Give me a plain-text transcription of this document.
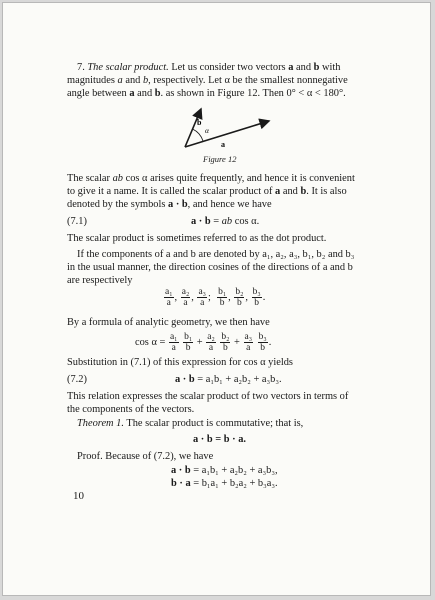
7. The scalar product. Let us consider two vectors a and b with
magnitudes a and b, respectively. Let α be the smallest nonnegative
angle between a and b. as shown in Figure 12. Then 0° < α < 180°.
b
α
a
Figure 12
The scalar ab cos α arises quite frequently, and hence it is convenient
to give it a name. It is called the scalar product of a and b. It is also
denoted by the symbols a · b, and hence we have
(7.1)	a · b = ab cos α.
The scalar product is sometimes referred to as the dot product.
If the components of a and b are denoted by a₁, a₂, a₃, b₁, b₂ and b₃
in the usual manner, the direction cosines of the directions of a and b
are respectively
$\frac{\text{a₁}}{a}$ , $\frac{\text{a₂}}{a}$ , $\frac{\text{a₃}}{a}$ ; $\frac{\text{b₁}}{b}$ , $\frac{\text{b₂}}{b}$ , $\frac{\text{b₃}}{b}$ .
By a formula of analytic geometry, we then have
$\cos \alpha = \frac{\text{a₁}}{a}$
$\frac{\text{b₁}}{b} + \frac{\text{a₂}}{a}$
$\frac{\text{b₂}}{b} + \frac{\text{a₃}}{a}$
$\frac{\text{b₃}}{b}$ .
Substitution in (7.1) of this expression for cos α yields
(7.2)	a · b = a₁b₁ + a₂b₂ + a₃b₃.
This relation expresses the scalar product of two vectors in terms of
the components of the vectors.
Theorem 1. The scalar product is commutative; that is,
a · b = b · a.
Proof. Because of (7.2), we have
a · b = a₁b₁ + a₂b₂ + a₃b₃,
b · a = b₁a₁ + b₂a₂ + b₃a₃.
10
